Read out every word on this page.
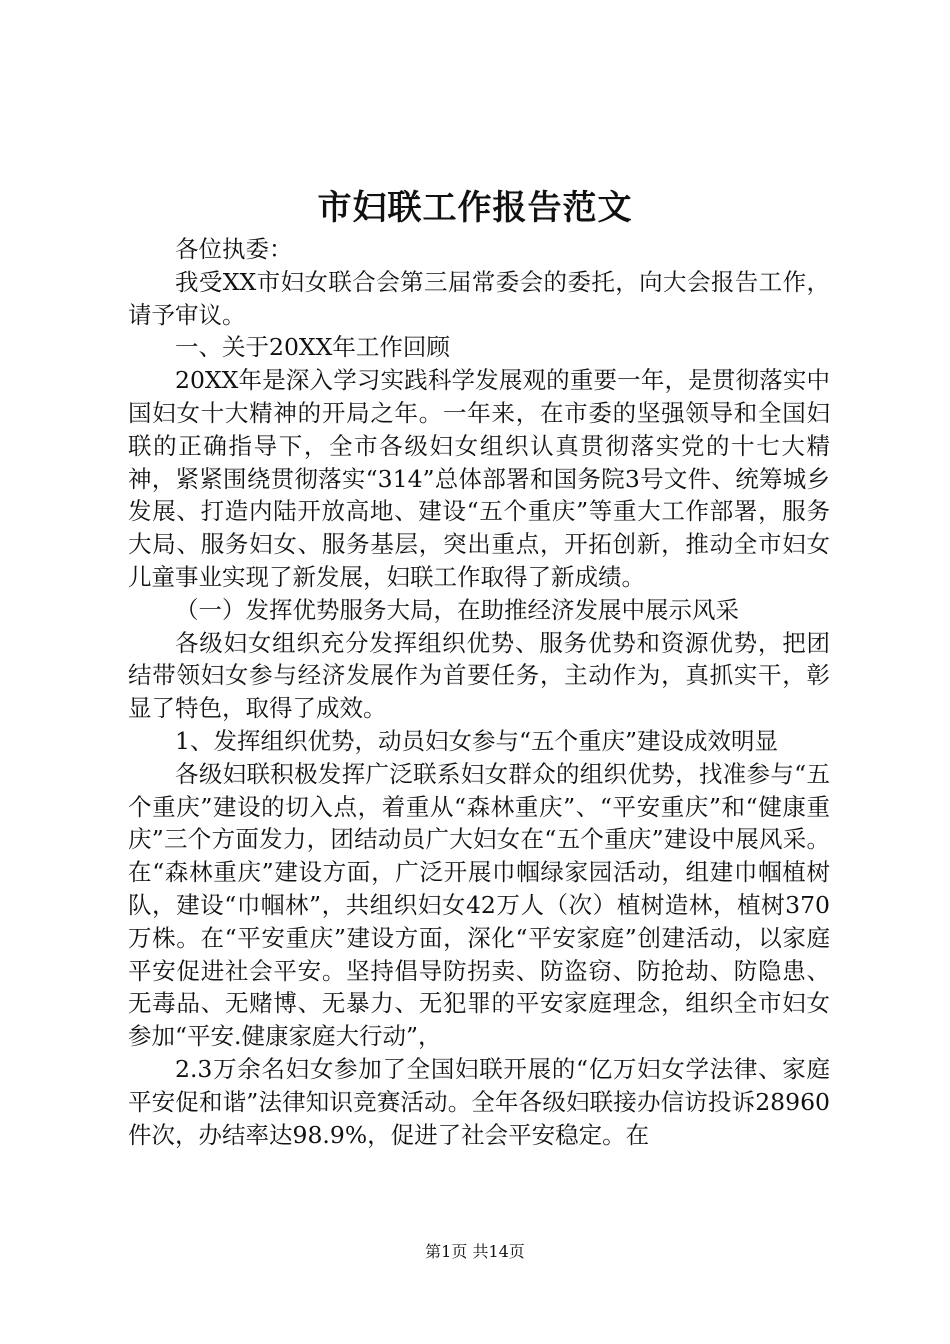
市妇联工作报告范文

各位执委：

我受XX市妇女联合会第三届常委会的委托，向大会报告工作，请予审议。

一、关于20XX年工作回顾

20XX年是深入学习实践科学发展观的重要一年，是贯彻落实中国妇女十大精神的开局之年。一年来，在市委的坚强领导和全国妇联的正确指导下，全市各级妇女组织认真贯彻落实党的十七大精神，紧紧围绕贯彻落实“314”总体部署和国务院3号文件、统筹城乡发展、打造内陆开放高地、建设“五个重庆”等重大工作部署，服务大局、服务妇女、服务基层，突出重点，开拓创新，推动全市妇女儿童事业实现了新发展，妇联工作取得了新成绩。

（一）发挥优势服务大局，在助推经济发展中展示风采

各级妇女组织充分发挥组织优势、服务优势和资源优势，把团结带领妇女参与经济发展作为首要任务，主动作为，真抓实干，彰显了特色，取得了成效。

1、发挥组织优势，动员妇女参与“五个重庆”建设成效明显

各级妇联积极发挥广泛联系妇女群众的组织优势，找准参与“五个重庆”建设的切入点，着重从“森林重庆”、“平安重庆”和“健康重庆”三个方面发力，团结动员广大妇女在“五个重庆”建设中展风采。在“森林重庆”建设方面，广泛开展巾帼绿家园活动，组建巾帼植树队，建设“巾帼林”，共组织妇女42万人（次）植树造林，植树370万株。在“平安重庆”建设方面，深化“平安家庭”创建活动，以家庭平安促进社会平安。坚持倡导防拐卖、防盗窃、防抢劫、防隐患、无毒品、无赌博、无暴力、无犯罪的平安家庭理念，组织全市妇女参加“平安.健康家庭大行动”，

2.3万余名妇女参加了全国妇联开展的“亿万妇女学法律、家庭平安促和谐”法律知识竞赛活动。全年各级妇联接办信访投诉28960件次，办结率达98.9%，促进了社会平安稳定。在

第1页 共14页
